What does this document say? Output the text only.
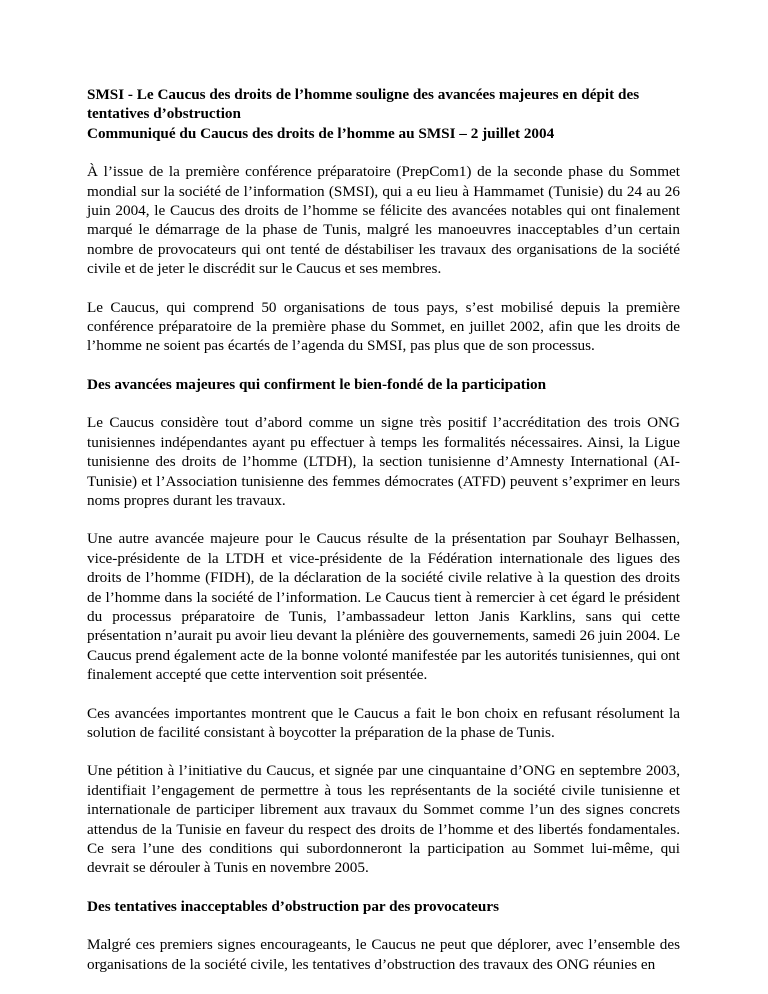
SMSI - Le Caucus des droits de l’homme souligne des avancées majeures en dépit des tentatives d’obstruction
Communiqué du Caucus des droits de l’homme au SMSI – 2 juillet 2004

À l’issue de la première conférence préparatoire (PrepCom1) de la seconde phase du Sommet mondial sur la société de l’information (SMSI), qui a eu lieu à Hammamet (Tunisie) du 24 au 26 juin 2004, le Caucus des droits de l’homme se félicite des avancées notables qui ont finalement marqué le démarrage de la phase de Tunis, malgré les manoeuvres inacceptables d’un certain nombre de provocateurs qui ont tenté de déstabiliser les travaux des organisations de la société civile et de jeter le discrédit sur le Caucus et ses membres.

Le Caucus, qui comprend 50 organisations de tous pays, s’est mobilisé depuis la première conférence préparatoire de la première phase du Sommet, en juillet 2002, afin que les droits de l’homme ne soient pas écartés de l’agenda du SMSI, pas plus que de son processus.

Des avancées majeures qui confirment le bien-fondé de la participation

Le Caucus considère tout d’abord comme un signe très positif l’accréditation des trois ONG tunisiennes indépendantes ayant pu effectuer à temps les formalités nécessaires. Ainsi, la Ligue tunisienne des droits de l’homme (LTDH), la section tunisienne d’Amnesty International (AI-Tunisie) et l’Association tunisienne des femmes démocrates (ATFD) peuvent s’exprimer en leurs noms propres durant les travaux.

Une autre avancée majeure pour le Caucus résulte de la présentation par Souhayr Belhassen, vice-présidente de la LTDH et vice-présidente de la Fédération internationale des ligues des droits de l’homme (FIDH), de la déclaration de la société civile relative à la question des droits de l’homme dans la société de l’information. Le Caucus tient à remercier à cet égard le président du processus préparatoire de Tunis, l’ambassadeur letton Janis Karklins, sans qui cette présentation n’aurait pu avoir lieu devant la plénière des gouvernements, samedi 26 juin 2004. Le Caucus prend également acte de la bonne volonté manifestée par les autorités tunisiennes, qui ont finalement accepté que cette intervention soit présentée.

Ces avancées importantes montrent que le Caucus a fait le bon choix en refusant résolument la solution de facilité consistant à boycotter la préparation de la phase de Tunis.

Une pétition à l’initiative du Caucus, et signée par une cinquantaine d’ONG en septembre 2003, identifiait l’engagement de permettre à tous les représentants de la société civile tunisienne et internationale de participer librement aux travaux du Sommet comme l’un des signes concrets attendus de la Tunisie en faveur du respect des droits de l’homme et des libertés fondamentales. Ce sera l’une des conditions qui subordonneront la participation au Sommet lui-même, qui devrait se dérouler à Tunis en novembre 2005.

Des tentatives inacceptables d’obstruction par des provocateurs

Malgré ces premiers signes encourageants, le Caucus ne peut que déplorer, avec l’ensemble des organisations de la société civile, les tentatives d’obstruction des travaux des ONG réunies en
